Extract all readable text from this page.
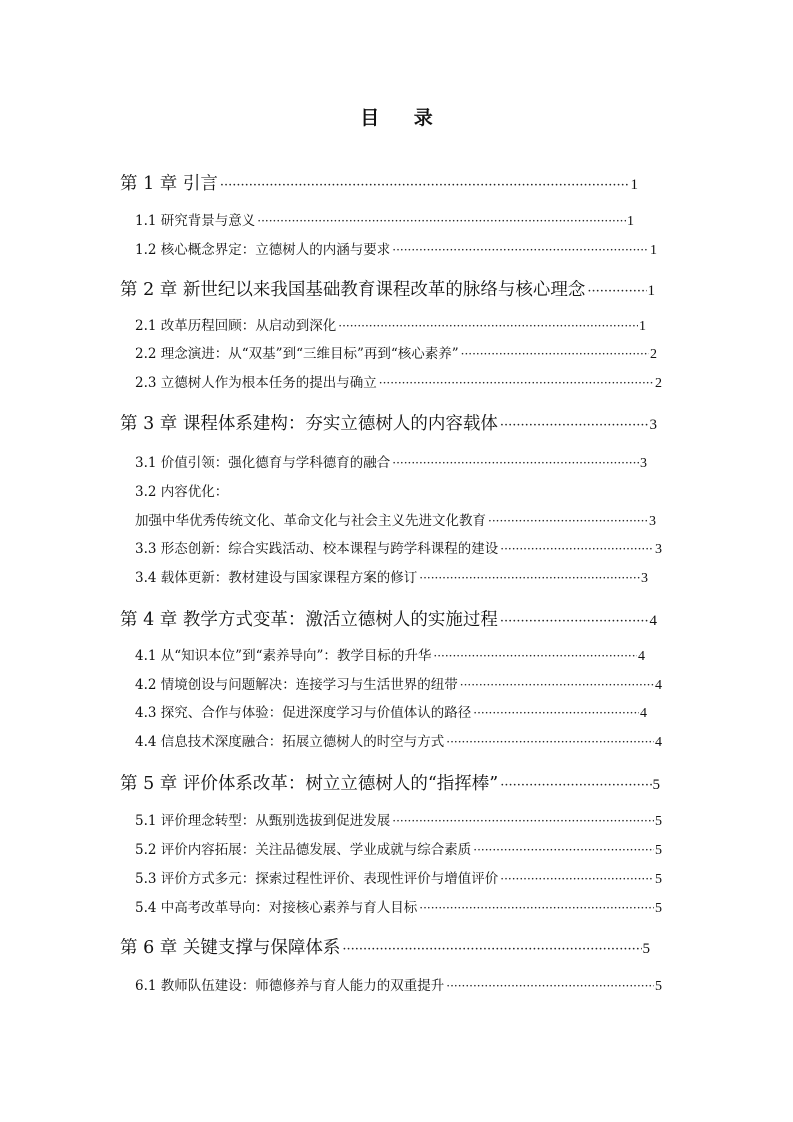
目 录
第 1 章 引言 ·····	1
1.1 研究背景与意义 ·····	1
1.2 核心概念界定：立德树人的内涵与要求 ·····	1
第 2 章 新世纪以来我国基础教育课程改革的脉络与核心理念 ·····	1
2.1 改革历程回顾：从启动到深化 ·····	1
2.2 理念演进：从“双基”到“三维目标”再到“核心素养” ·····	2
2.3 立德树人作为根本任务的提出与确立 ·····	2
第 3 章 课程体系建构：夯实立德树人的内容载体 ·····	3
3.1 价值引领：强化德育与学科德育的融合 ·····	3
3.2 内容优化：
加强中华优秀传统文化、革命文化与社会主义先进文化教育 ·····	3
3.3 形态创新：综合实践活动、校本课程与跨学科课程的建设 ·····	3
3.4 载体更新：教材建设与国家课程方案的修订 ·····	3
第 4 章 教学方式变革：激活立德树人的实施过程 ·····	4
4.1 从“知识本位”到“素养导向”：教学目标的升华 ·····	4
4.2 情境创设与问题解决：连接学习与生活世界的纽带 ·····	4
4.3 探究、合作与体验：促进深度学习与价值体认的路径 ·····	4
4.4 信息技术深度融合：拓展立德树人的时空与方式 ·····	4
第 5 章 评价体系改革：树立立德树人的“指挥棒” ·····	5
5.1 评价理念转型：从甄别选拔到促进发展 ·····	5
5.2 评价内容拓展：关注品德发展、学业成就与综合素质 ·····	5
5.3 评价方式多元：探索过程性评价、表现性评价与增值评价 ·····	5
5.4 中高考改革导向：对接核心素养与育人目标 ·····	5
第 6 章 关键支撑与保障体系 ·····	5
6.1 教师队伍建设：师德修养与育人能力的双重提升 ·····	5
